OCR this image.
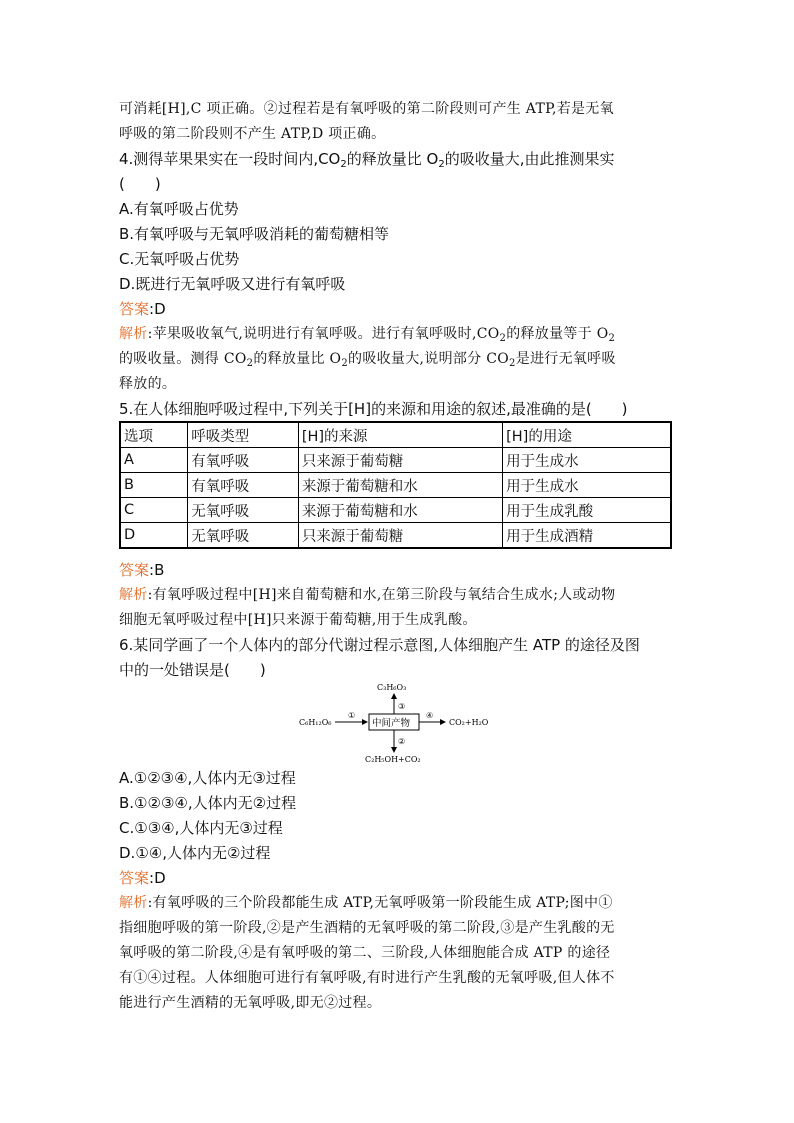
可消耗[H],C 项正确。②过程若是有氧呼吸的第二阶段则可产生 ATP,若是无氧
呼吸的第二阶段则不产生 ATP,D 项正确。
4.测得苹果果实在一段时间内$,CO_2$的释放量比 $O_2$的吸收量大,由此推测果实
(　　)
A.有氧呼吸占优势
B.有氧呼吸与无氧呼吸消耗的葡萄糖相等
C.无氧呼吸占优势
D.既进行无氧呼吸又进行有氧呼吸
答案:D
解析:苹果吸收氧气,说明进行有氧呼吸。进行有氧呼吸时$,CO_2$的释放量等于 $O_2$
的吸收量。测得 $CO_2$的释放量比 $O_2$的吸收量大,说明部分 $CO_2$是进行无氧呼吸
释放的。
5.在人体细胞呼吸过程中,下列关于[H]的来源和用途的叙述,最准确的是(　　)
选项	呼吸类型	[H]的来源	[H]的用途
A	有氧呼吸	只来源于葡萄糖	用于生成水
B	有氧呼吸	来源于葡萄糖和水	用于生成水
C	无氧呼吸	来源于葡萄糖和水	用于生成乳酸
D	无氧呼吸	只来源于葡萄糖	用于生成酒精
答案:B
解析:有氧呼吸过程中[H]来自葡萄糖和水,在第三阶段与氧结合生成水;人或动物
细胞无氧呼吸过程中[H]只来源于葡萄糖,用于生成乳酸。
6.某同学画了一个人体内的部分代谢过程示意图,人体细胞产生 ATP 的途径及图
中的一处错误是(　　)
C₆H₁₂O₆
①
中间产物
③
C₃H₆O₃
④
CO₂+H₂O
②
C₂H₅OH+CO₂
A.①②③④,人体内无③过程
B.①②③④,人体内无②过程
C.①③④,人体内无③过程
D.①④,人体内无②过程
答案:D
解析:有氧呼吸的三个阶段都能生成 ATP,无氧呼吸第一阶段能生成 ATP;图中①
指细胞呼吸的第一阶段,②是产生酒精的无氧呼吸的第二阶段,③是产生乳酸的无
氧呼吸的第二阶段,④是有氧呼吸的第二、三阶段,人体细胞能合成 ATP 的途径
有①④过程。人体细胞可进行有氧呼吸,有时进行产生乳酸的无氧呼吸,但人体不
能进行产生酒精的无氧呼吸,即无②过程。
